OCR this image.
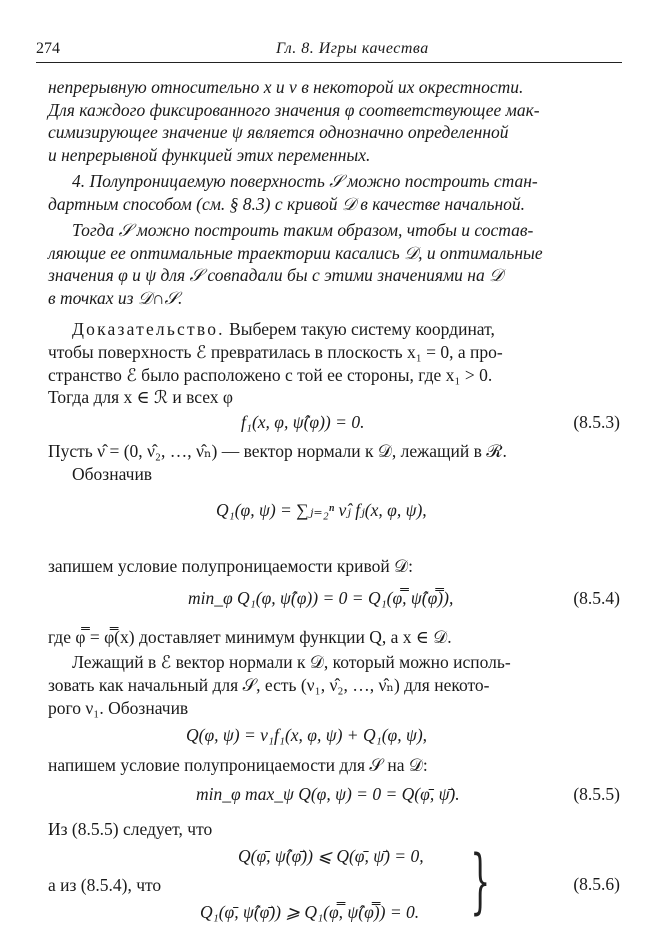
274	Гл. 8. Игры качества
непрерывную относительно x и ν в некоторой их окрестности.
Для каждого фиксированного значения φ соответствующее мак-
симизирующее значение ψ является однозначно определенной
и непрерывной функцией этих переменных.
4. Полупроницаемую поверхность 𝒮 можно построить стан-
дартным способом (см. § 8.3) с кривой 𝒟 в качестве начальной.
Тогда 𝒮 можно построить таким образом, чтобы и состав-
ляющие ее оптимальные траектории касались 𝒟, и оптимальные
значения φ и ψ для 𝒮 совпадали бы с этими значениями на 𝒟
в точках из 𝒟∩𝒮.
Доказательство. Выберем такую систему координат,
чтобы поверхность ℰ превратилась в плоскость x₁ = 0, а про-
странство ℰ было расположено с той ее стороны, где x₁ > 0.
Тогда для x ∈ ℛ и всех φ
f₁(x, φ, ψ̂(φ)) = 0.	(8.5.3)
Пусть ν̂ = (0, ν̂₂, …, ν̂ₙ) — вектор нормали к 𝒟, лежащий в ℛ.
Обозначив
Q₁(φ, ψ) = ∑ⱼ₌₂ⁿ ν̂ⱼ fⱼ(x, φ, ψ),
запишем условие полупроницаемости кривой 𝒟:
min_φ Q₁(φ, ψ̂(φ)) = 0 = Q₁(φ̿, ψ̂(φ̿)),	(8.5.4)
где φ̿ = φ̿(x) доставляет минимум функции Q, а x ∈ 𝒟.
Лежащий в ℰ вектор нормали к 𝒟, который можно исполь-
зовать как начальный для 𝒮, есть (ν₁, ν̂₂, …, ν̂ₙ) для некото-
рого ν₁. Обозначив
Q(φ, ψ) = ν₁f₁(x, φ, ψ) + Q₁(φ, ψ),
напишем условие полупроницаемости для 𝒮 на 𝒟:
min_φ max_ψ Q(φ, ψ) = 0 = Q(φ̄, ψ̄).	(8.5.5)
Из (8.5.5) следует, что
Q(φ̄, ψ̂(φ̄)) ⩽ Q(φ̄, ψ̄) = 0,
а из (8.5.4), что	(8.5.6)
Q₁(φ̄, ψ̂(φ̄)) ⩾ Q₁(φ̿, ψ̂(φ̿)) = 0. }
